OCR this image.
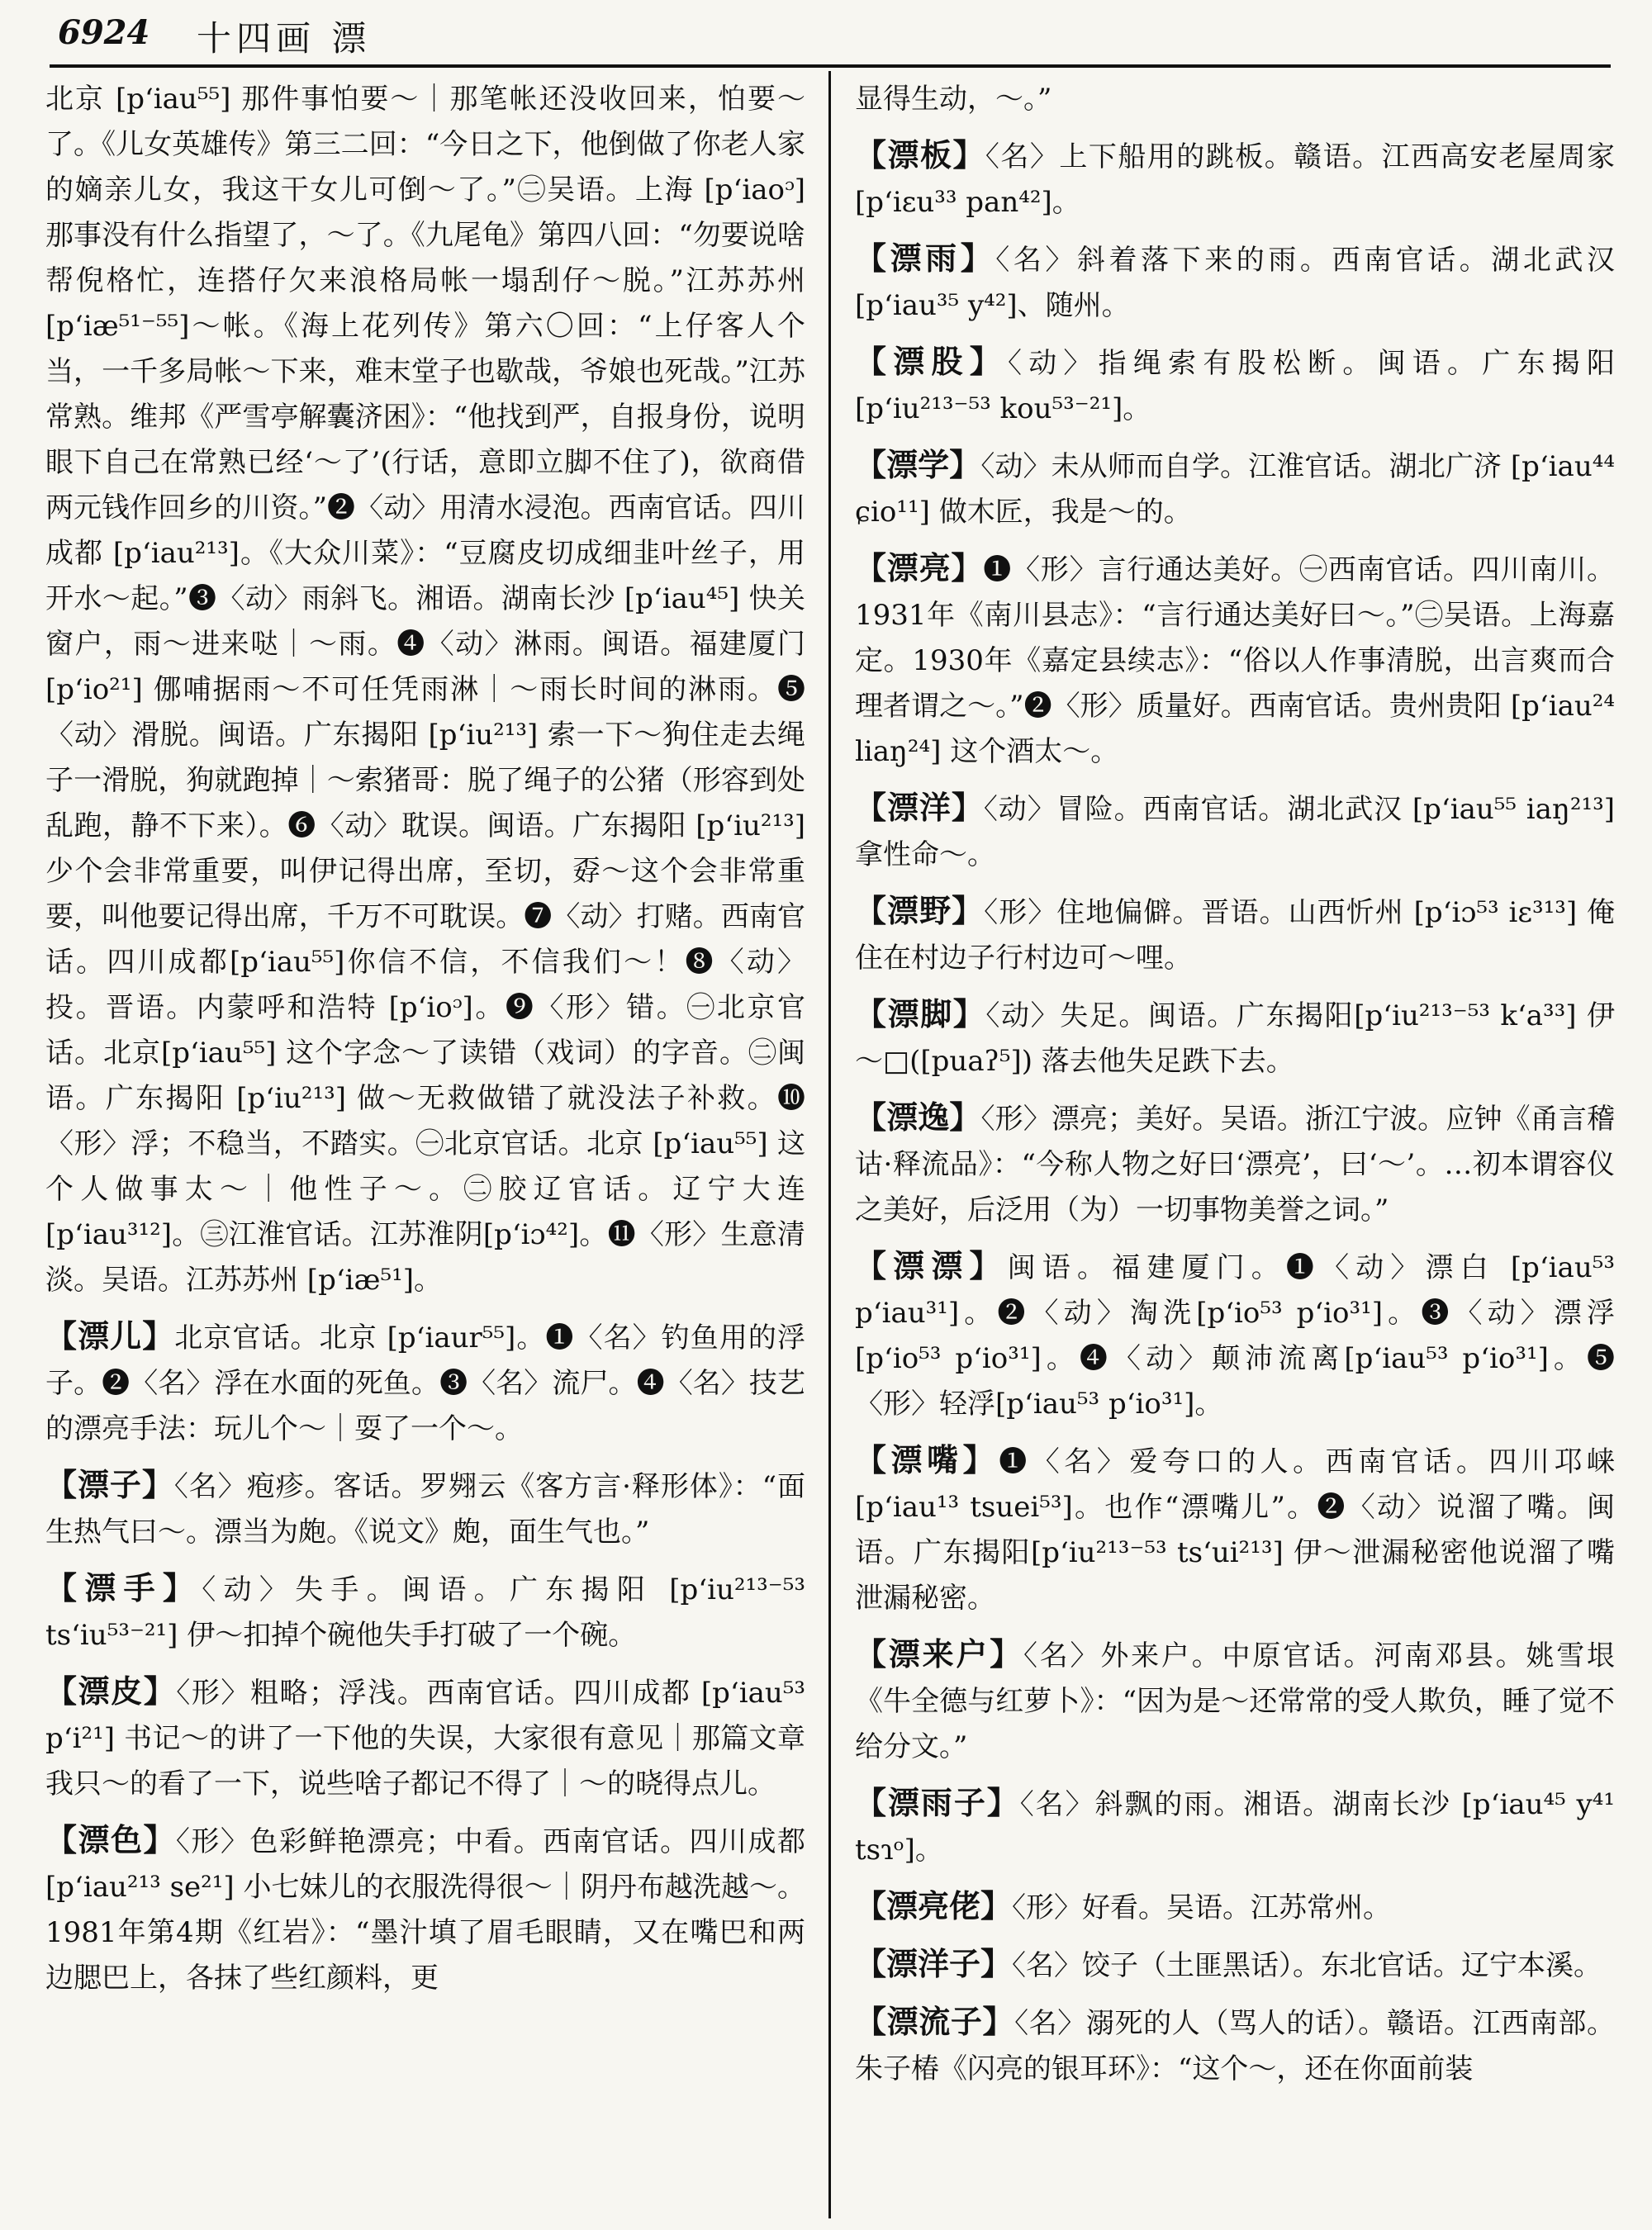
6924 十四画 漂

北京 [pʻiau⁵⁵] 那件事怕要～｜那笔帐还没收回来，怕要～了。《儿女英雄传》第三二回：“今日之下，他倒做了你老人家的嫡亲儿女，我这干女儿可倒～了。”㊁吴语。上海 [pʻiaoᵓ] 那事没有什么指望了，～了。《九尾龟》第四八回：“勿要说啥帮倪格忙，连搭仔欠来浪格局帐一塌刮仔～脱。”江苏苏州 [pʻiæ⁵¹⁻⁵⁵]～帐。《海上花列传》第六〇回：“上仔客人个当，一千多局帐～下来，难末堂子也歇哉，爷娘也死哉。”江苏常熟。维邦《严雪亭解囊济困》：“他找到严，自报身份，说明眼下自己在常熟已经‘～了’(行话，意即立脚不住了)，欲商借两元钱作回乡的川资。”❷〈动〉用清水浸泡。西南官话。四川成都 [pʻiau²¹³]。《大众川菜》：“豆腐皮切成细韭叶丝子，用开水～起。”❸〈动〉雨斜飞。湘语。湖南长沙 [pʻiau⁴⁵] 快关窗户，雨～进来哒｜～雨。❹〈动〉淋雨。闽语。福建厦门[pʻio²¹] 㑚哺据雨～不可任凭雨淋｜～雨长时间的淋雨。❺〈动〉滑脱。闽语。广东揭阳 [pʻiu²¹³] 索一下～狗住走去绳子一滑脱，狗就跑掉｜～索猪哥：脱了绳子的公猪（形容到处乱跑，静不下来）。❻〈动〉耽误。闽语。广东揭阳 [pʻiu²¹³] 少个会非常重要，叫伊记得出席，至切，孬～这个会非常重要，叫他要记得出席，千万不可耽误。❼〈动〉打赌。西南官话。四川成都[pʻiau⁵⁵]你信不信，不信我们～！❽〈动〉投。晋语。内蒙呼和浩特 [pʻioᵓ]。❾〈形〉错。㊀北京官话。北京[pʻiau⁵⁵] 这个字念～了读错（戏词）的字音。㊁闽语。广东揭阳 [pʻiu²¹³] 做～无救做错了就没法子补救。❿〈形〉浮；不稳当，不踏实。㊀北京官话。北京 [pʻiau⁵⁵] 这个人做事太～｜他性子～。㊁胶辽官话。辽宁大连 [pʻiau³¹²]。㊂江淮官话。江苏淮阴[pʻiɔ⁴²]。⓫〈形〉生意清淡。吴语。江苏苏州 [pʻiæ⁵¹]。

【漂儿】北京官话。北京 [pʻiaur⁵⁵]。❶〈名〉钓鱼用的浮子。❷〈名〉浮在水面的死鱼。❸〈名〉流尸。❹〈名〉技艺的漂亮手法：玩儿个～｜耍了一个～。

【漂子】〈名〉疱疹。客话。罗翙云《客方言·释形体》：“面生热气曰～。漂当为皰。《说文》皰，面生气也。”

【漂手】〈动〉失手。闽语。广东揭阳 [pʻiu²¹³⁻⁵³ tsʻiu⁵³⁻²¹] 伊～扣掉个碗他失手打破了一个碗。

【漂皮】〈形〉粗略；浮浅。西南官话。四川成都 [pʻiau⁵³ pʻi²¹] 书记～的讲了一下他的失误，大家很有意见｜那篇文章我只～的看了一下，说些啥子都记不得了｜～的晓得点儿。

【漂色】〈形〉色彩鲜艳漂亮；中看。西南官话。四川成都 [pʻiau²¹³ se²¹] 小七妹儿的衣服洗得很～｜阴丹布越洗越～。1981年第4期《红岩》：“墨汁填了眉毛眼睛，又在嘴巴和两边腮巴上，各抹了些红颜料，更

显得生动，～。”

【漂板】〈名〉上下船用的跳板。赣语。江西高安老屋周家 [pʻiɛu³³ pan⁴²]。

【漂雨】〈名〉斜着落下来的雨。西南官话。湖北武汉 [pʻiau³⁵ y⁴²]、随州。

【漂股】〈动〉指绳索有股松断。闽语。广东揭阳 [pʻiu²¹³⁻⁵³ kou⁵³⁻²¹]。

【漂学】〈动〉未从师而自学。江淮官话。湖北广济 [pʻiau⁴⁴ ɕio¹¹] 做木匠，我是～的。

【漂亮】❶〈形〉言行通达美好。㊀西南官话。四川南川。1931年《南川县志》：“言行通达美好曰～。”㊁吴语。上海嘉定。1930年《嘉定县续志》：“俗以人作事清脱，出言爽而合理者谓之～。”❷〈形〉质量好。西南官话。贵州贵阳 [pʻiau²⁴ liaŋ²⁴] 这个酒太～。

【漂洋】〈动〉冒险。西南官话。湖北武汉 [pʻiau⁵⁵ iaŋ²¹³] 拿性命～。

【漂野】〈形〉住地偏僻。晋语。山西忻州 [pʻiɔ⁵³ iɛ³¹³] 俺住在村边子行村边可～哩。

【漂脚】〈动〉失足。闽语。广东揭阳[pʻiu²¹³⁻⁵³ kʻa³³] 伊～□([puaʔ⁵]) 落去他失足跌下去。

【漂逸】〈形〉漂亮；美好。吴语。浙江宁波。应钟《甬言稽诂·释流品》：“今称人物之好曰‘漂亮’，曰‘～’。…初本谓容仪之美好，后泛用（为）一切事物美誉之词。”

【漂漂】闽语。福建厦门。❶〈动〉漂白 [pʻiau⁵³ pʻiau³¹]。❷〈动〉淘洗[pʻio⁵³ pʻio³¹]。❸〈动〉漂浮[pʻio⁵³ pʻio³¹]。❹〈动〉颠沛流离[pʻiau⁵³ pʻio³¹]。❺〈形〉轻浮[pʻiau⁵³ pʻio³¹]。

【漂嘴】❶〈名〉爱夸口的人。西南官话。四川邛崃 [pʻiau¹³ tsuei⁵³]。也作“漂嘴儿”。❷〈动〉说溜了嘴。闽语。广东揭阳[pʻiu²¹³⁻⁵³ tsʻui²¹³] 伊～泄漏秘密他说溜了嘴泄漏秘密。

【漂来户】〈名〉外来户。中原官话。河南邓县。姚雪垠《牛全德与红萝卜》：“因为是～还常常的受人欺负，睡了觉不给分文。”

【漂雨子】〈名〉斜飘的雨。湘语。湖南长沙 [pʻiau⁴⁵ y⁴¹ tsɿᵒ]。

【漂亮佬】〈形〉好看。吴语。江苏常州。

【漂洋子】〈名〉饺子（土匪黑话）。东北官话。辽宁本溪。

【漂流子】〈名〉溺死的人（骂人的话）。赣语。江西南部。朱子椿《闪亮的银耳环》：“这个～，还在你面前装
